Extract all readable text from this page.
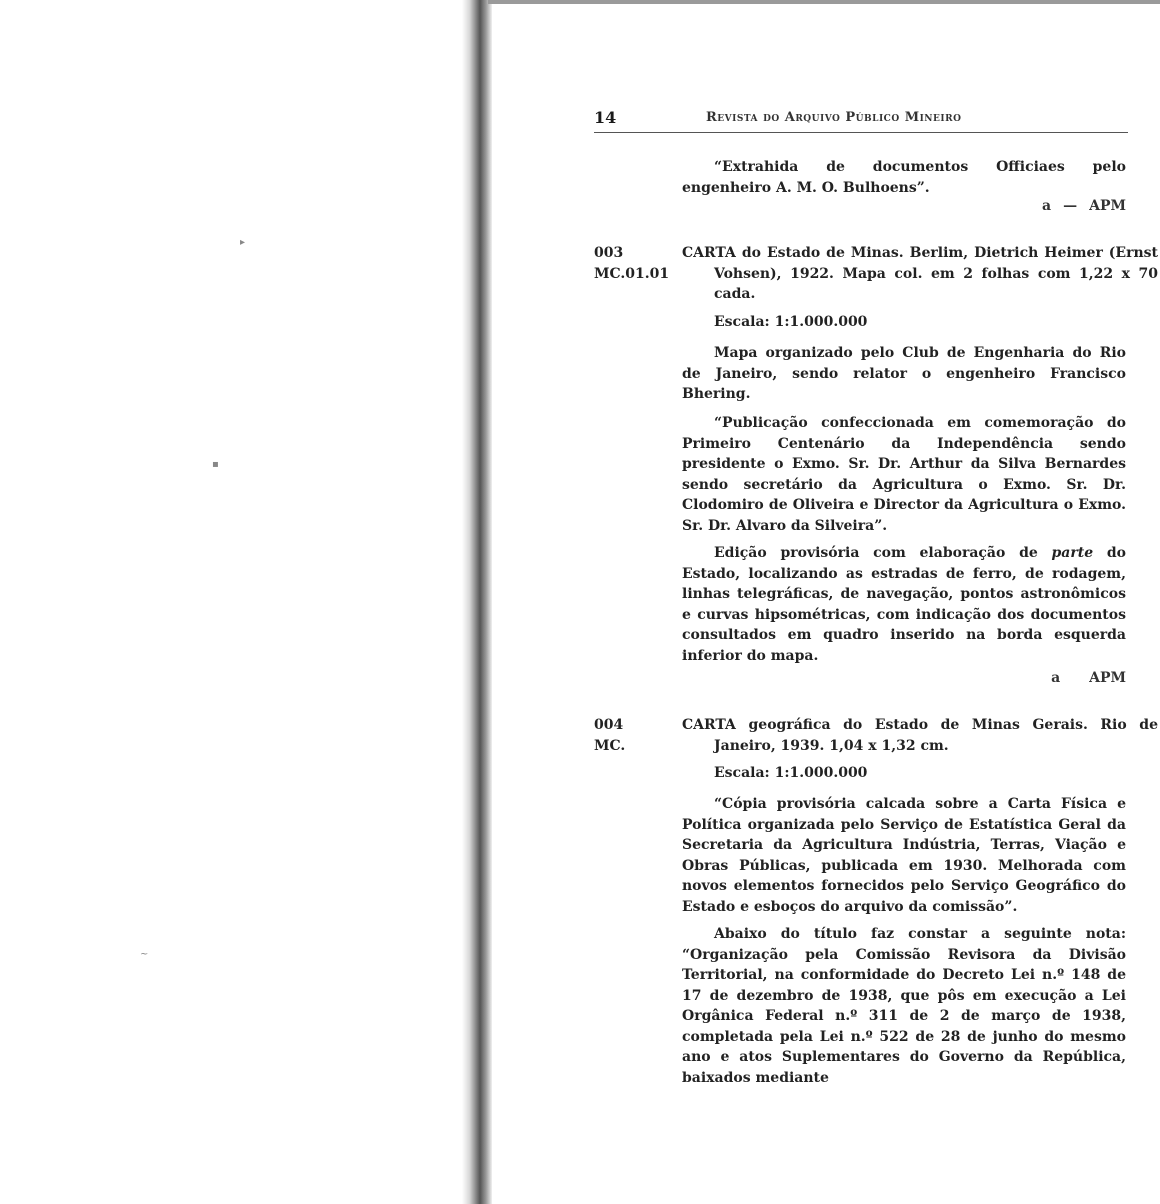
▸
▪
~
14	Revista do Arquivo Público Mineiro

“Extrahida de documentos Officiaes pelo engenheiro A. M. O. Bulhoens”.

a — APM
003
MC.01.01

CARTA do Estado de Minas. Berlim, Dietrich Heimer (Ernst Vohsen), 1922. Mapa col. em 2 folhas com 1,22 x 70 cada.

Escala: 1:1.000.000

Mapa organizado pelo Club de Engenharia do Rio de Janeiro, sendo relator o engenheiro Francisco Bhering.

“Publicação confeccionada em comemoração do Primeiro Centenário da Independência sendo presidente o Exmo. Sr. Dr. Arthur da Silva Bernardes sendo secretário da Agricultura o Exmo. Sr. Dr. Clodomiro de Oliveira e Director da Agricultura o Exmo. Sr. Dr. Alvaro da Silveira”.

Edição provisória com elaboração de parte do Estado, localizando as estradas de ferro, de rodagem, linhas telegráficas, de navegação, pontos astronômicos e curvas hipsométricas, com indicação dos documentos consultados em quadro inserido na borda esquerda inferior do mapa.

a APM
004
MC.

CARTA geográfica do Estado de Minas Gerais. Rio de Janeiro, 1939. 1,04 x 1,32 cm.

Escala: 1:1.000.000

“Cópia provisória calcada sobre a Carta Física e Política organizada pelo Serviço de Estatística Geral da Secretaria da Agricultura Indústria, Terras, Viação e Obras Públicas, publicada em 1930. Melhorada com novos elementos fornecidos pelo Serviço Geográfico do Estado e esboços do arquivo da comissão”.

Abaixo do título faz constar a seguinte nota: “Organização pela Comissão Revisora da Divisão Territorial, na conformidade do Decreto Lei n.º 148 de 17 de dezembro de 1938, que pôs em execução a Lei Orgânica Federal n.º 311 de 2 de março de 1938, completada pela Lei n.º 522 de 28 de junho do mesmo ano e atos Suplementares do Governo da República, baixados mediante
